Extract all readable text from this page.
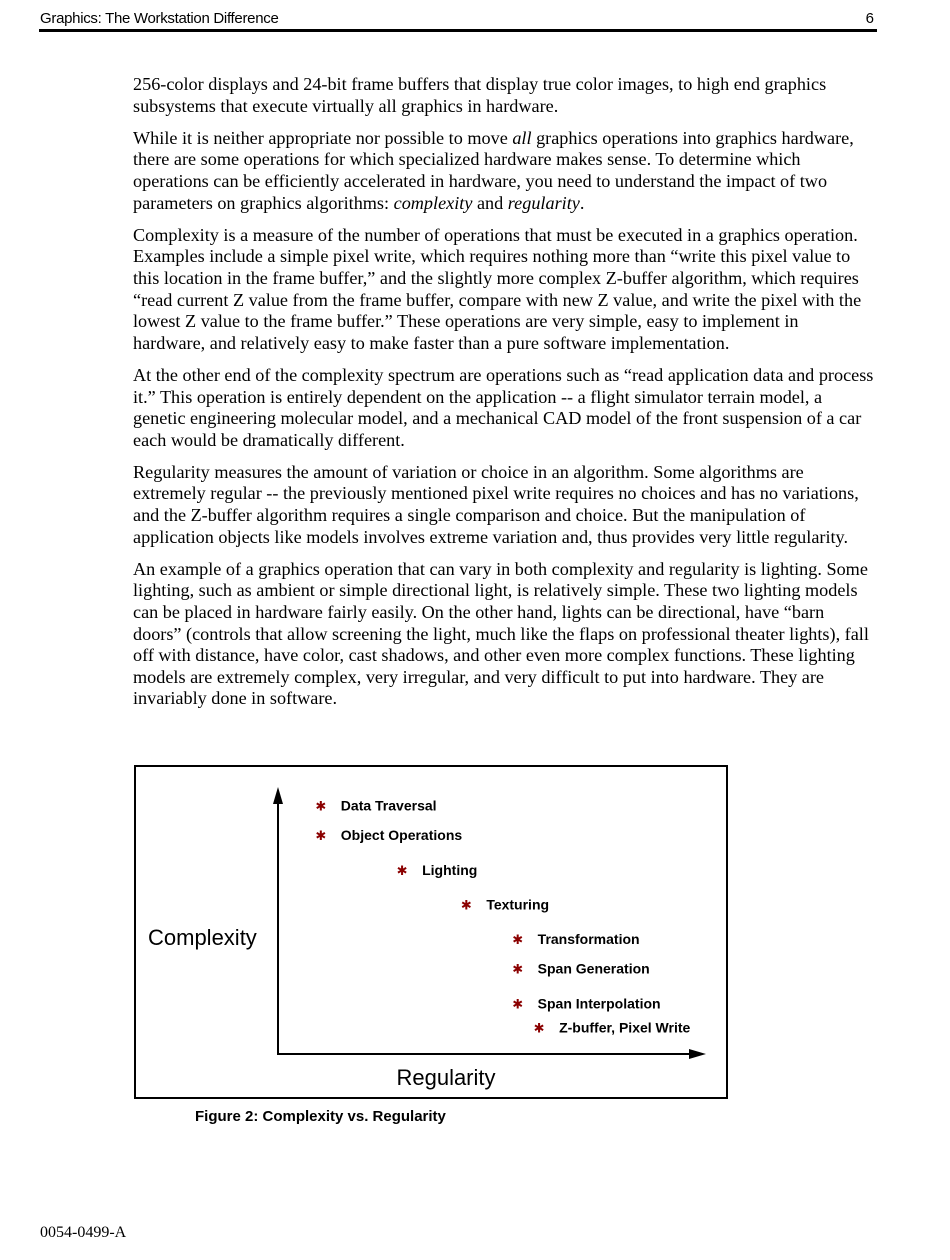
Graphics: The Workstation Difference	6

256-color displays and 24-bit frame buffers that display true color images, to high end graphics subsystems that execute virtually all graphics in hardware.

While it is neither appropriate nor possible to move all graphics operations into graphics hardware, there are some operations for which specialized hardware makes sense. To determine which operations can be efficiently accelerated in hardware, you need to understand the impact of two parameters on graphics algorithms: complexity and regularity.

Complexity is a measure of the number of operations that must be executed in a graphics operation. Examples include a simple pixel write, which requires nothing more than “write this pixel value to this location in the frame buffer,” and the slightly more complex Z-buffer algorithm, which requires “read current Z value from the frame buffer, compare with new Z value, and write the pixel with the lowest Z value to the frame buffer.” These operations are very simple, easy to implement in hardware, and relatively easy to make faster than a pure software implementation.

At the other end of the complexity spectrum are operations such as “read application data and process it.” This operation is entirely dependent on the application -- a flight simulator terrain model, a genetic engineering molecular model, and a mechanical CAD model of the front suspension of a car each would be dramatically different.

Regularity measures the amount of variation or choice in an algorithm. Some algorithms are extremely regular -- the previously mentioned pixel write requires no choices and has no variations, and the Z-buffer algorithm requires a single comparison and choice. But the manipulation of application objects like models involves extreme variation and, thus provides very little regularity.

An example of a graphics operation that can vary in both complexity and regularity is lighting. Some lighting, such as ambient or simple directional light, is relatively simple. These two lighting models can be placed in hardware fairly easily. On the other hand, lights can be directional, have “barn doors” (controls that allow screening the light, much like the flaps on professional theater lights), fall off with distance, have color, cast shadows, and other even more complex functions. These lighting models are extremely complex, very irregular, and very difficult to put into hardware. They are invariably done in software.

Complexity
Regularity
✱ Data Traversal
✱ Object Operations
✱ Lighting
✱ Texturing
✱ Transformation
✱ Span Generation
✱ Span Interpolation
✱ Z-buffer, Pixel Write
Figure 2: Complexity vs. Regularity
0054-0499-A
